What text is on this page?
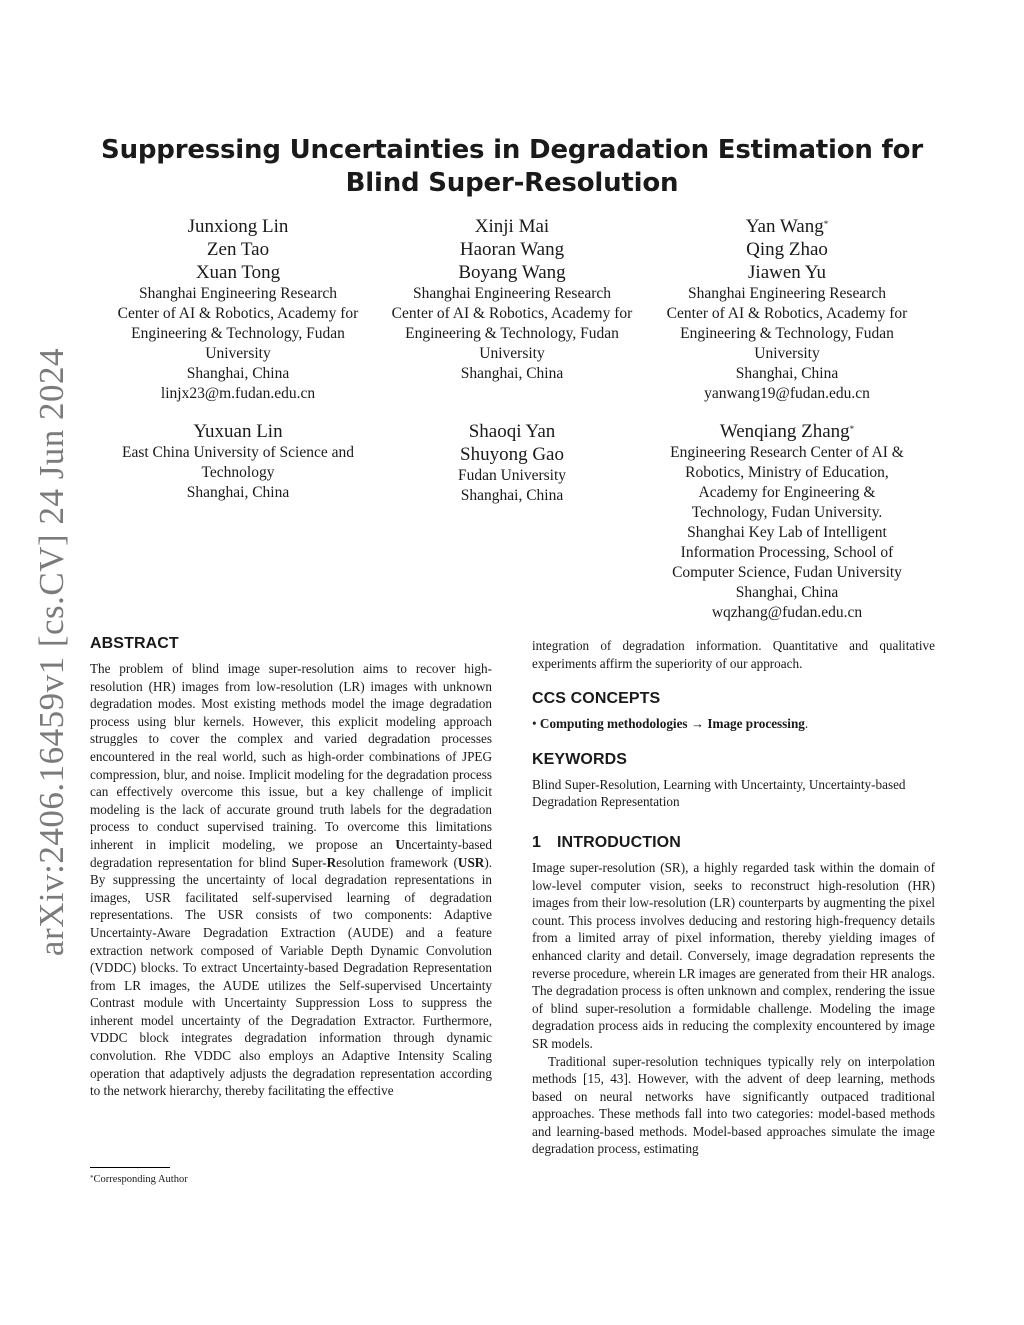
arXiv:2406.16459v1 [cs.CV] 24 Jun 2024
Suppressing Uncertainties in Degradation Estimation for Blind Super-Resolution
Junxiong Lin
Zen Tao
Xuan Tong
Shanghai Engineering Research
Center of AI & Robotics, Academy for
Engineering & Technology, Fudan
University
Shanghai, China
linjx23@m.fudan.edu.cn
Xinji Mai
Haoran Wang
Boyang Wang
Shanghai Engineering Research
Center of AI & Robotics, Academy for
Engineering & Technology, Fudan
University
Shanghai, China
Yan Wang*
Qing Zhao
Jiawen Yu
Shanghai Engineering Research
Center of AI & Robotics, Academy for
Engineering & Technology, Fudan
University
Shanghai, China
yanwang19@fudan.edu.cn
Yuxuan Lin
East China University of Science and
Technology
Shanghai, China
Shaoqi Yan
Shuyong Gao
Fudan University
Shanghai, China
Wenqiang Zhang*
Engineering Research Center of AI &
Robotics, Ministry of Education,
Academy for Engineering &
Technology, Fudan University.
Shanghai Key Lab of Intelligent
Information Processing, School of
Computer Science, Fudan University
Shanghai, China
wqzhang@fudan.edu.cn
ABSTRACT

The problem of blind image super-resolution aims to recover high-resolution (HR) images from low-resolution (LR) images with unknown degradation modes. Most existing methods model the image degradation process using blur kernels. However, this explicit modeling approach struggles to cover the complex and varied degradation processes encountered in the real world, such as high-order combinations of JPEG compression, blur, and noise. Implicit modeling for the degradation process can effectively overcome this issue, but a key challenge of implicit modeling is the lack of accurate ground truth labels for the degradation process to conduct supervised training. To overcome this limitations inherent in implicit modeling, we propose an Uncertainty-based degradation representation for blind Super-Resolution framework (USR). By suppressing the uncertainty of local degradation representations in images, USR facilitated self-supervised learning of degradation representations. The USR consists of two components: Adaptive Uncertainty-Aware Degradation Extraction (AUDE) and a feature extraction network composed of Variable Depth Dynamic Convolution (VDDC) blocks. To extract Uncertainty-based Degradation Representation from LR images, the AUDE utilizes the Self-supervised Uncertainty Contrast module with Uncertainty Suppression Loss to suppress the inherent model uncertainty of the Degradation Extractor. Furthermore, VDDC block integrates degradation information through dynamic convolution. Rhe VDDC also employs an Adaptive Intensity Scaling operation that adaptively adjusts the degradation representation according to the network hierarchy, thereby facilitating the effective

*Corresponding Author
integration of degradation information. Quantitative and qualitative experiments affirm the superiority of our approach.
CCS CONCEPTS
• Computing methodologies → Image processing.
KEYWORDS
Blind Super-Resolution, Learning with Uncertainty, Uncertainty-based Degradation Representation
1 INTRODUCTION

Image super-resolution (SR), a highly regarded task within the domain of low-level computer vision, seeks to reconstruct high-resolution (HR) images from their low-resolution (LR) counterparts by augmenting the pixel count. This process involves deducing and restoring high-frequency details from a limited array of pixel information, thereby yielding images of enhanced clarity and detail. Conversely, image degradation represents the reverse procedure, wherein LR images are generated from their HR analogs. The degradation process is often unknown and complex, rendering the issue of blind super-resolution a formidable challenge. Modeling the image degradation process aids in reducing the complexity encountered by image SR models.

Traditional super-resolution techniques typically rely on interpolation methods [15, 43]. However, with the advent of deep learning, methods based on neural networks have significantly outpaced traditional approaches. These methods fall into two categories: model-based methods and learning-based methods. Model-based approaches simulate the image degradation process, estimating
